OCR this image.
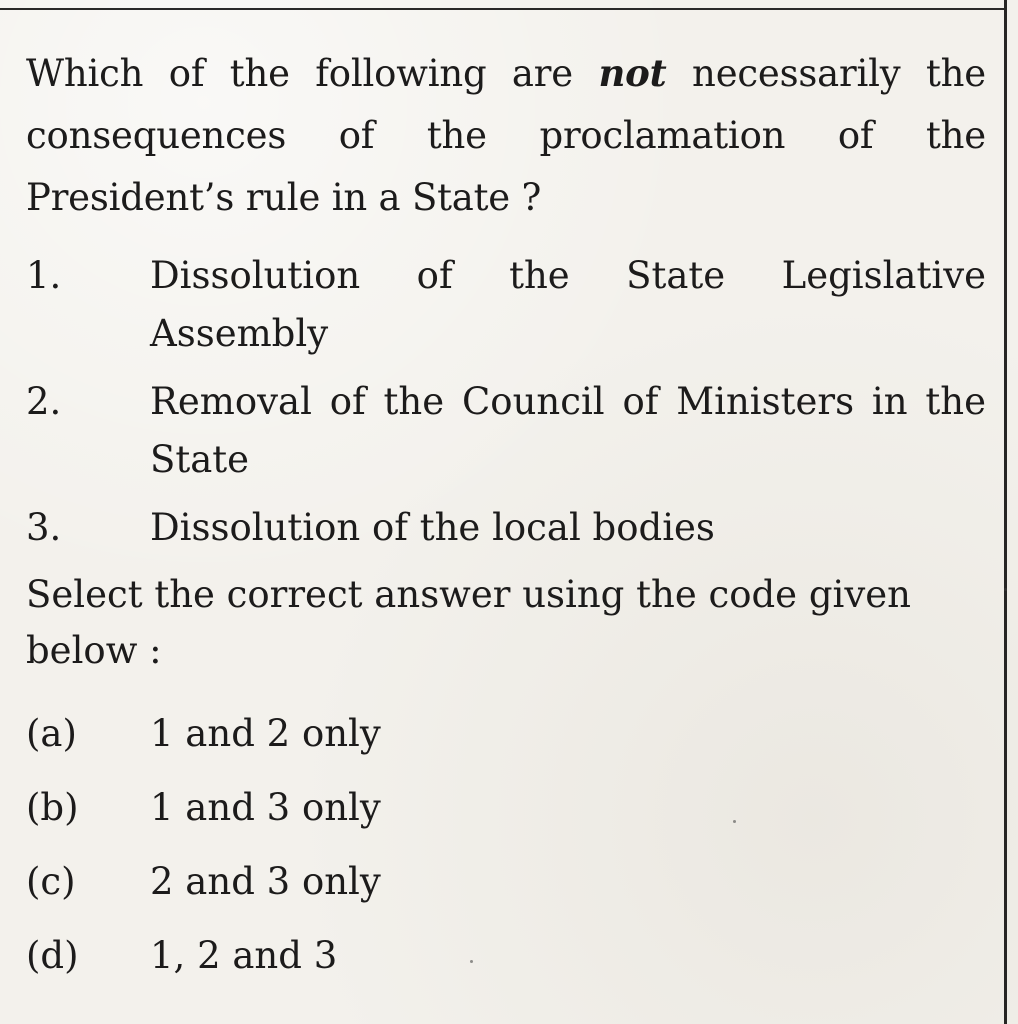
Which of the following are not necessarily the consequences of the proclamation of the President’s rule in a State ?

1.	Dissolution of the State Legislative Assembly
2.	Removal of the Council of Ministers in the State
3.	Dissolution of the local bodies
Select the correct answer using the code given below :
(a)	1 and 2 only
(b)	1 and 3 only
(c)	2 and 3 only
(d)	1, 2 and 3
